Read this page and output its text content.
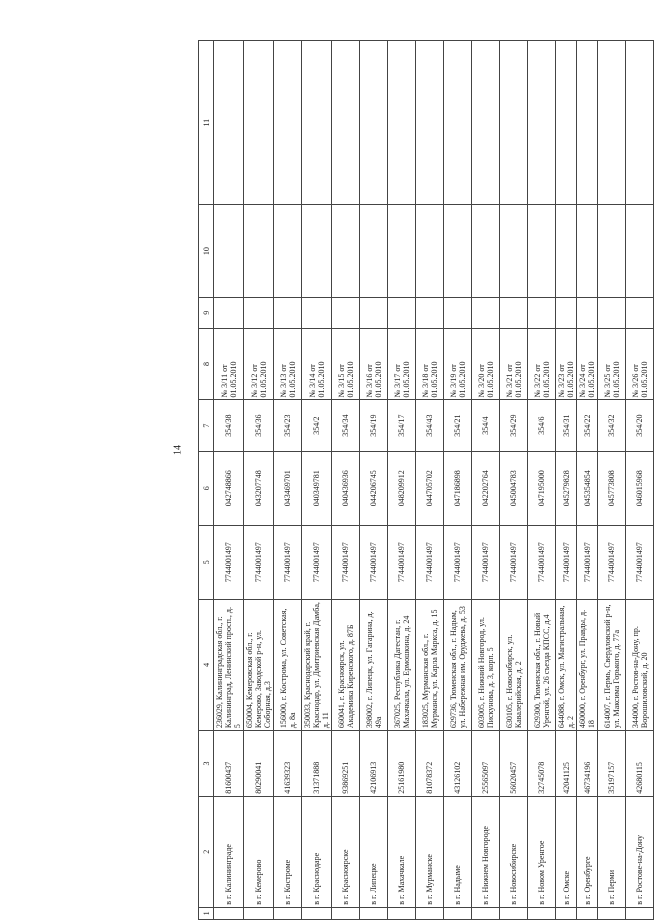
14
1	2	3	4	5	6	7	8	9	10	11
	в г. Калининграде	81600437	236029, Калининградская обл., г. Калининград, Ленинский просп., д. 5	7744001497	042748866	354/38	№ 3/11 от 01.05.2010			
	в г. Кемерово	80290041	650004, Кемеровская обл., г. Кемерово, Заводской р-н, ул. Соборная, д.3	7744001497	043207748	354/36	№ 3/12 от 01.05.2010			
	в г. Костроме	41639323	156000, г. Кострома, ул. Советская, д. 8а	7744001497	043469701	354/23	№ 3/13 от 01.05.2010			
	в г. Краснодаре	31371888	350033, Краснодарский край, г. Краснодар, ул. Дмитриевская Дамба, д. 11	7744001497	040349781	354/2	№ 3/14 от 01.05.2010			
	в г. Красноярске	93869251	660041, г. Красноярск, ул. Академика Киренского, д. 87Б	7744001497	040436936	354/34	№ 3/15 от 01.05.2010			
	в г. Липецке	42106913	398002, г. Липецк, ул. Гагарина, д. 49а	7744001497	044206745	354/19	№ 3/16 от 01.05.2010			
	в г. Махачкале	25161980	367025, Республика Дагестан, г. Махачкала, ул. Ермошкина, д. 24	7744001497	048209912	354/17	№ 3/17 от 01.05.2010			
	в г. Мурманске	81078372	183025, Мурманская обл., г. Мурманск, ул. Карла Маркса, д. 15	7744001497	044705702	354/43	№ 3/18 от 01.05.2010			
	в г. Надыме	43126102	629736, Тюменская обл., г. Надым, ул. Набережная им. Оруджева, д. 53	7744001497	047186898	354/21	№ 3/19 от 01.05.2010			
	в г. Нижнем Новгороде	25565097	603005, г. Нижний Новгород, ул. Пискунова, д. 3, корп. 5	7744001497	042202764	354/4	№ 3/20 от 01.05.2010			
	в г. Новосибирске	56020457	630105, г. Новосибирск, ул. Кавалерийская, д. 2	7744001497	045004783	354/29	№ 3/21 от 01.05.2010			
	в г. Новом Уренгое	32745078	629300, Тюменская обл., г. Новый Уренгой, ул. 26 съезда КПСС, д.4	7744001497	047195000	354/6	№ 3/22 от 01.05.2010			
	в г. Омске	42041125	644088, г. Омск, ул. Магистральная, д. 2	7744001497	045279828	354/31	№ 3/23 от 01.05.2010			
	в г. Оренбурге	46734196	460000, г. Оренбург, ул. Правды, д. 18	7744001497	045354854	354/22	№ 3/24 от 01.05.2010			
	в г. Перми	35197157	614007, г. Пермь, Свердловский р-н, ул. Максима Горького, д. 77а	7744001497	045773808	354/32	№ 3/25 от 01.05.2010			
	в г. Ростове-на-Дону	42680115	344000, г. Ростов-на-Дону, пр. Ворошиловский, д. 20	7744001497	046015968	354/20	№ 3/26 от 01.05.2010			
